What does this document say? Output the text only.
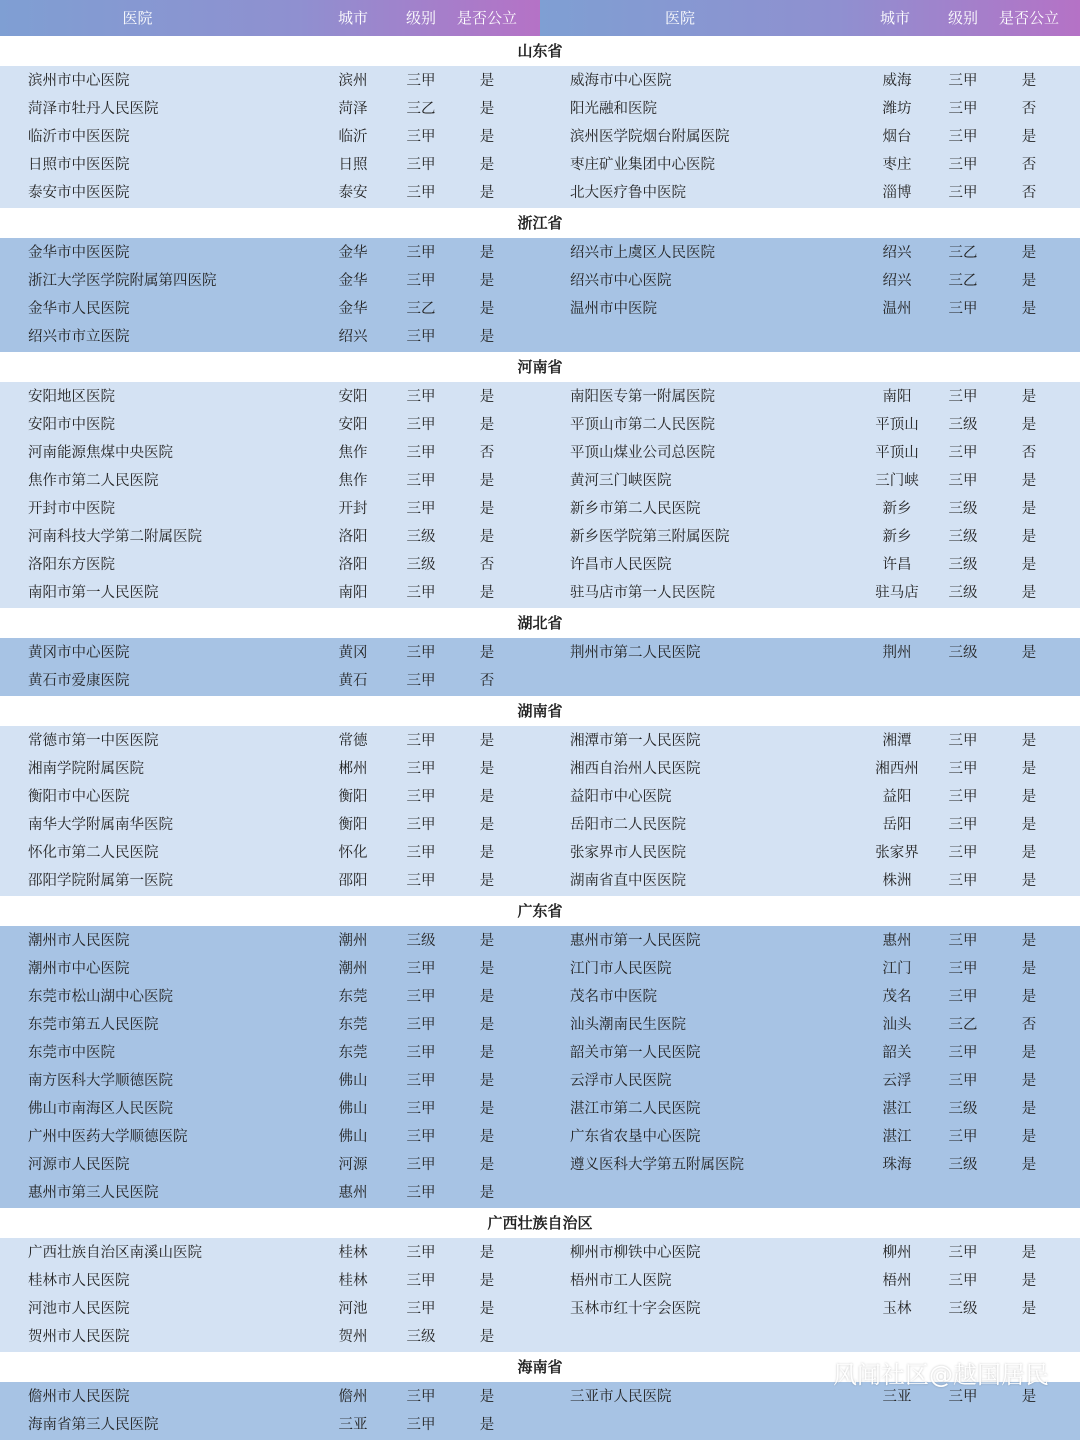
医院	城市	级别	是否公立	医院	城市	级别	是否公立
山东省
滨州市中心医院	滨州	三甲	是	威海市中心医院	威海	三甲	是
菏泽市牡丹人民医院	菏泽	三乙	是	阳光融和医院	潍坊	三甲	否
临沂市中医医院	临沂	三甲	是	滨州医学院烟台附属医院	烟台	三甲	是
日照市中医医院	日照	三甲	是	枣庄矿业集团中心医院	枣庄	三甲	否
泰安市中医医院	泰安	三甲	是	北大医疗鲁中医院	淄博	三甲	否
浙江省
金华市中医医院	金华	三甲	是	绍兴市上虞区人民医院	绍兴	三乙	是
浙江大学医学院附属第四医院	金华	三甲	是	绍兴市中心医院	绍兴	三乙	是
金华市人民医院	金华	三乙	是	温州市中医院	温州	三甲	是
绍兴市市立医院	绍兴	三甲	是
河南省
安阳地区医院	安阳	三甲	是	南阳医专第一附属医院	南阳	三甲	是
安阳市中医院	安阳	三甲	是	平顶山市第二人民医院	平顶山	三级	是
河南能源焦煤中央医院	焦作	三甲	否	平顶山煤业公司总医院	平顶山	三甲	否
焦作市第二人民医院	焦作	三甲	是	黄河三门峡医院	三门峡	三甲	是
开封市中医院	开封	三甲	是	新乡市第二人民医院	新乡	三级	是
河南科技大学第二附属医院	洛阳	三级	是	新乡医学院第三附属医院	新乡	三级	是
洛阳东方医院	洛阳	三级	否	许昌市人民医院	许昌	三级	是
南阳市第一人民医院	南阳	三甲	是	驻马店市第一人民医院	驻马店	三级	是
湖北省
黄冈市中心医院	黄冈	三甲	是	荆州市第二人民医院	荆州	三级	是
黄石市爱康医院	黄石	三甲	否
湖南省
常德市第一中医医院	常德	三甲	是	湘潭市第一人民医院	湘潭	三甲	是
湘南学院附属医院	郴州	三甲	是	湘西自治州人民医院	湘西州	三甲	是
衡阳市中心医院	衡阳	三甲	是	益阳市中心医院	益阳	三甲	是
南华大学附属南华医院	衡阳	三甲	是	岳阳市二人民医院	岳阳	三甲	是
怀化市第二人民医院	怀化	三甲	是	张家界市人民医院	张家界	三甲	是
邵阳学院附属第一医院	邵阳	三甲	是	湖南省直中医医院	株洲	三甲	是
广东省
潮州市人民医院	潮州	三级	是	惠州市第一人民医院	惠州	三甲	是
潮州市中心医院	潮州	三甲	是	江门市人民医院	江门	三甲	是
东莞市松山湖中心医院	东莞	三甲	是	茂名市中医院	茂名	三甲	是
东莞市第五人民医院	东莞	三甲	是	汕头潮南民生医院	汕头	三乙	否
东莞市中医院	东莞	三甲	是	韶关市第一人民医院	韶关	三甲	是
南方医科大学顺德医院	佛山	三甲	是	云浮市人民医院	云浮	三甲	是
佛山市南海区人民医院	佛山	三甲	是	湛江市第二人民医院	湛江	三级	是
广州中医药大学顺德医院	佛山	三甲	是	广东省农垦中心医院	湛江	三甲	是
河源市人民医院	河源	三甲	是	遵义医科大学第五附属医院	珠海	三级	是
惠州市第三人民医院	惠州	三甲	是
广西壮族自治区
广西壮族自治区南溪山医院	桂林	三甲	是	柳州市柳铁中心医院	柳州	三甲	是
桂林市人民医院	桂林	三甲	是	梧州市工人医院	梧州	三甲	是
河池市人民医院	河池	三甲	是	玉林市红十字会医院	玉林	三级	是
贺州市人民医院	贺州	三级	是
海南省
儋州市人民医院	儋州	三甲	是	三亚市人民医院	三亚	三甲	是
海南省第三人民医院	三亚	三甲	是
风闻社区@越国居民
